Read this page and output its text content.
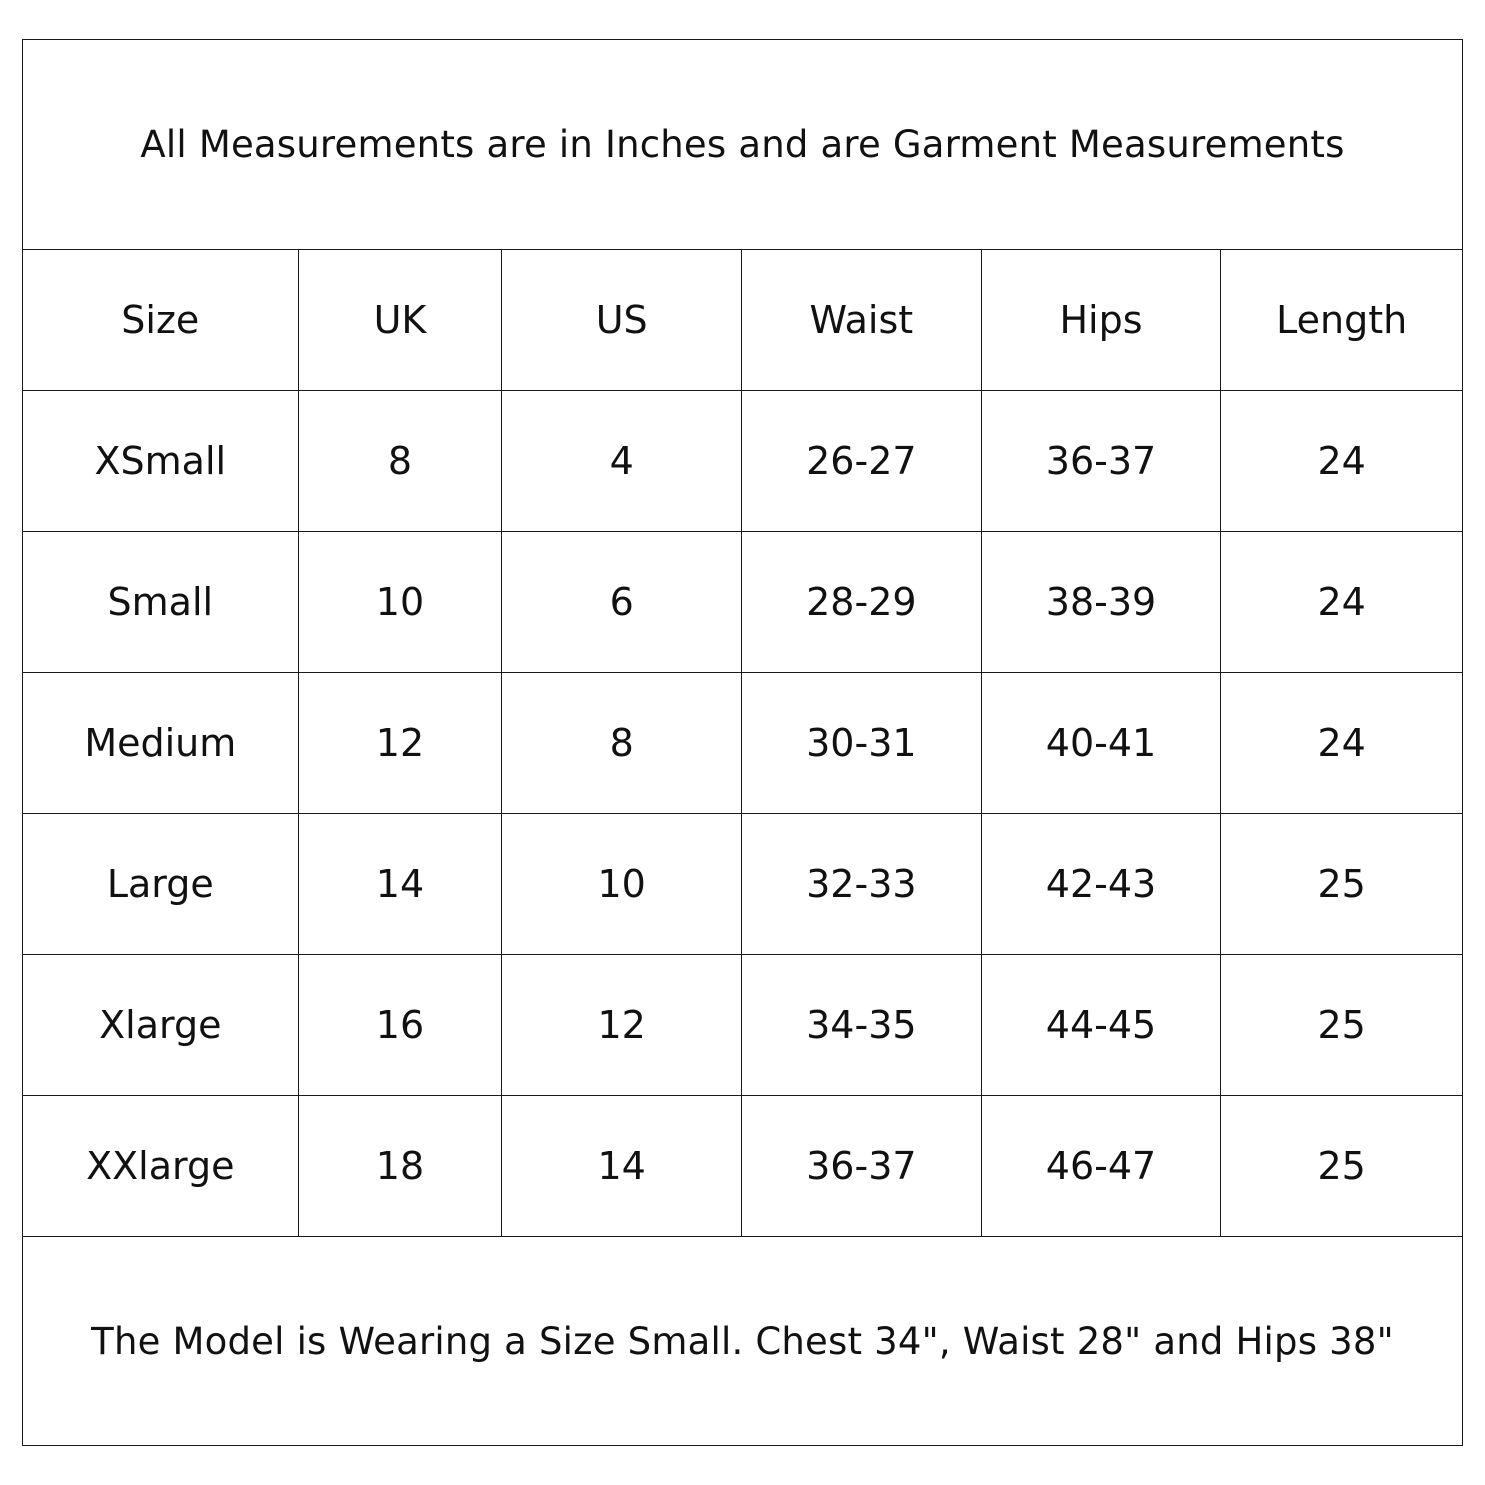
All Measurements are in Inches and are Garment Measurements
Size	UK	US	Waist	Hips	Length
XSmall	8	4	26-27	36-37	24
Small	10	6	28-29	38-39	24
Medium	12	8	30-31	40-41	24
Large	14	10	32-33	42-43	25
Xlarge	16	12	34-35	44-45	25
XXlarge	18	14	36-37	46-47	25
The Model is Wearing a Size Small. Chest 34", Waist 28" and Hips 38"
